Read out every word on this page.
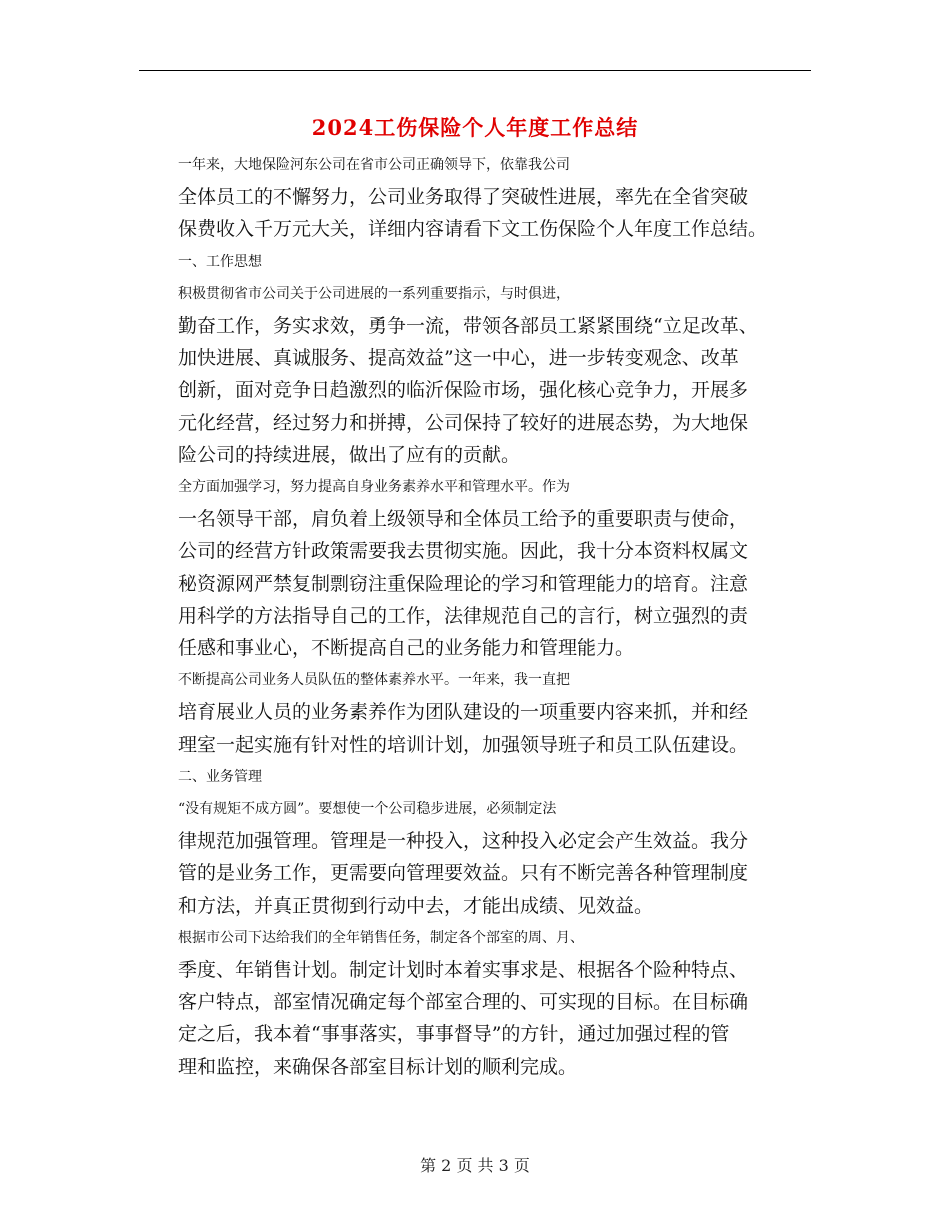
2024工伤保险个人年度工作总结

一年来，大地保险河东公司在省市公司正确领导下，依靠我公司
全体员工的不懈努力，公司业务取得了突破性进展，率先在全省突破
保费收入千万元大关，详细内容请看下文工伤保险个人年度工作总结。

一、工作思想

积极贯彻省市公司关于公司进展的一系列重要指示，与时俱进，
勤奋工作，务实求效，勇争一流，带领各部员工紧紧围绕“立足改革、
加快进展、真诚服务、提高效益”这一中心，进一步转变观念、改革
创新，面对竞争日趋激烈的临沂保险市场，强化核心竞争力，开展多
元化经营，经过努力和拼搏，公司保持了较好的进展态势，为大地保
险公司的持续进展，做出了应有的贡献。

全方面加强学习，努力提高自身业务素养水平和管理水平。作为
一名领导干部，肩负着上级领导和全体员工给予的重要职责与使命，
公司的经营方针政策需要我去贯彻实施。因此，我十分本资料权属文
秘资源网严禁复制剽窃注重保险理论的学习和管理能力的培育。注意
用科学的方法指导自己的工作，法律规范自己的言行，树立强烈的责
任感和事业心，不断提高自己的业务能力和管理能力。

不断提高公司业务人员队伍的整体素养水平。一年来，我一直把
培育展业人员的业务素养作为团队建设的一项重要内容来抓，并和经
理室一起实施有针对性的培训计划，加强领导班子和员工队伍建设。

二、业务管理

“没有规矩不成方圆”。要想使一个公司稳步进展，必须制定法
律规范加强管理。管理是一种投入，这种投入必定会产生效益。我分
管的是业务工作，更需要向管理要效益。只有不断完善各种管理制度
和方法，并真正贯彻到行动中去，才能出成绩、见效益。

根据市公司下达给我们的全年销售任务，制定各个部室的周、月、
季度、年销售计划。制定计划时本着实事求是、根据各个险种特点、
客户特点，部室情况确定每个部室合理的、可实现的目标。在目标确
定之后，我本着“事事落实，事事督导”的方针，通过加强过程的管
理和监控，来确保各部室目标计划的顺利完成。

第 2 页 共 3 页
